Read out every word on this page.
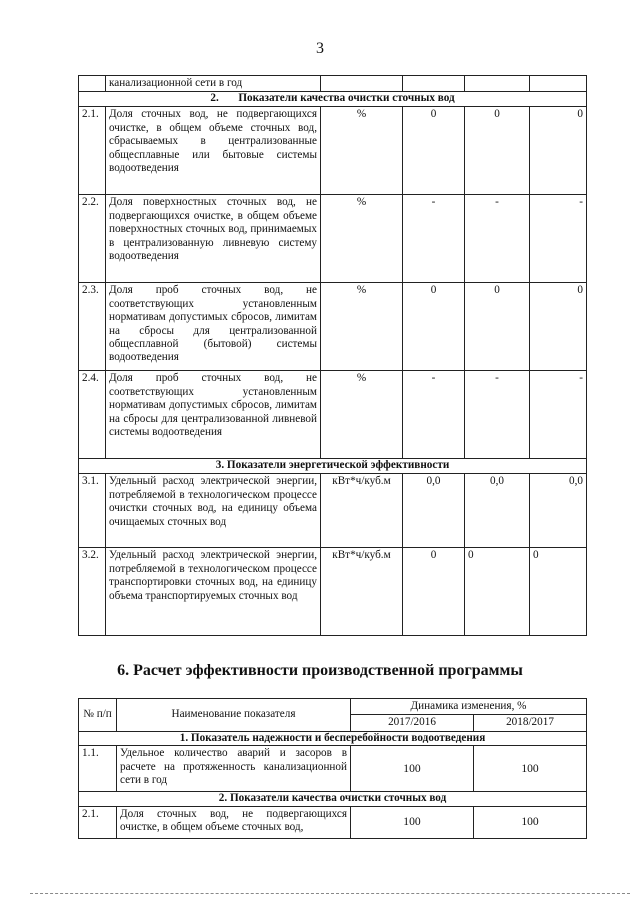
3
	канализационной сети в год				
2. Показатели качества очистки сточных вод					
2.1.	Доля сточных вод, не подвергающихся очистке, в общем объеме сточных вод, сбрасываемых в централизованные общесплавные или бытовые системы водоотведения	%	0	0	0
2.2.	Доля поверхностных сточных вод, не подвергающихся очистке, в общем объеме поверхностных сточных вод, принимаемых в централизованную ливневую систему водоотведения	%	-	-	-
2.3.	Доля проб сточных вод, не соответствующих установленным нормативам допустимых сбросов, лимитам на сбросы для централизованной общесплавной (бытовой) системы водоотведения	%	0	0	0
2.4.	Доля проб сточных вод, не соответствующих установленным нормативам допустимых сбросов, лимитам на сбросы для централизованной ливневой системы водоотведения	%	-	-	-
3. Показатели энергетической эффективности					
3.1.	Удельный расход электрической энергии, потребляемой в технологическом процессе очистки сточных вод, на единицу объема очищаемых сточных вод	кВт*ч/куб.м	0,0	0,0	0,0
3.2.	Удельный расход электрической энергии, потребляемой в технологическом процессе транспортировки сточных вод, на единицу объема транспортируемых сточных вод	кВт*ч/куб.м	0	0	0
6. Расчет эффективности производственной программы
№ п/п	Наименование показателя	Динамика изменения, %	
		2017/2016	2018/2017
1. Показатель надежности и бесперебойности водоотведения			
1.1.	Удельное количество аварий и засоров в расчете на протяженность канализационной сети в год	100	100
2. Показатели качества очистки сточных вод			
2.1.	Доля сточных вод, не подвергающихся очистке, в общем объеме сточных вод,	100	100
